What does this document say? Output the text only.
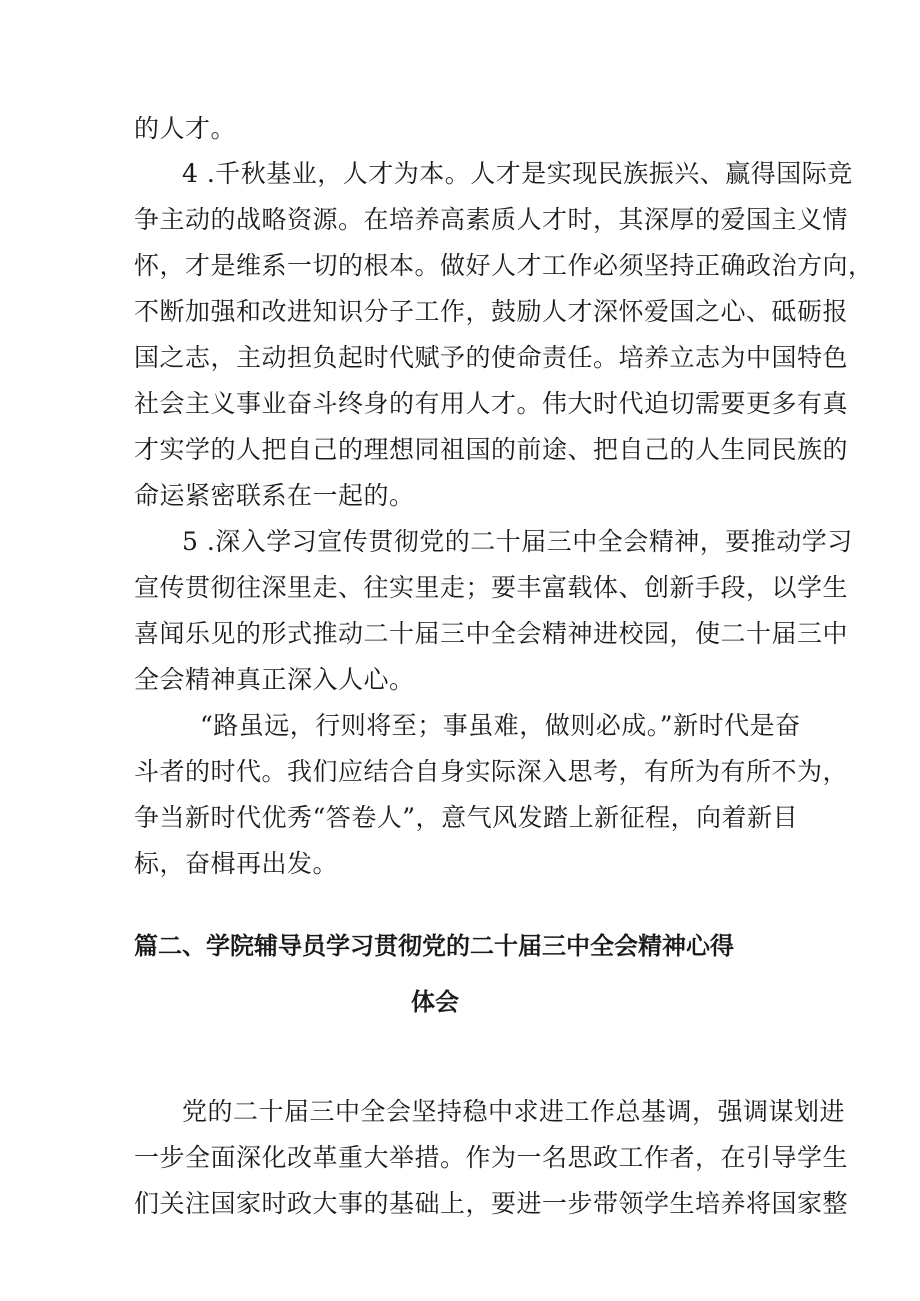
的人才。
4 .千秋基业，人才为本。人才是实现民族振兴、赢得国际竞
争主动的战略资源。在培养高素质人才时，其深厚的爱国主义情
怀，才是维系一切的根本。做好人才工作必须坚持正确政治方向，
不断加强和改进知识分子工作，鼓励人才深怀爱国之心、砥砺报
国之志，主动担负起时代赋予的使命责任。培养立志为中国特色
社会主义事业奋斗终身的有用人才。伟大时代迫切需要更多有真
才实学的人把自己的理想同祖国的前途、把自己的人生同民族的
命运紧密联系在一起的。
5 .深入学习宣传贯彻党的二十届三中全会精神，要推动学习
宣传贯彻往深里走、往实里走；要丰富载体、创新手段，以学生
喜闻乐见的形式推动二十届三中全会精神进校园，使二十届三中
全会精神真正深入人心。
“路虽远，行则将至；事虽难，做则必成。”新时代是奋
斗者的时代。我们应结合自身实际深入思考，有所为有所不为，
争当新时代优秀“答卷人”，意气风发踏上新征程，向着新目
标，奋楫再出发。
篇二、学院辅导员学习贯彻党的二十届三中全会精神心得
体会
党的二十届三中全会坚持稳中求进工作总基调，强调谋划进
一步全面深化改革重大举措。作为一名思政工作者，在引导学生
们关注国家时政大事的基础上，要进一步带领学生培养将国家整
